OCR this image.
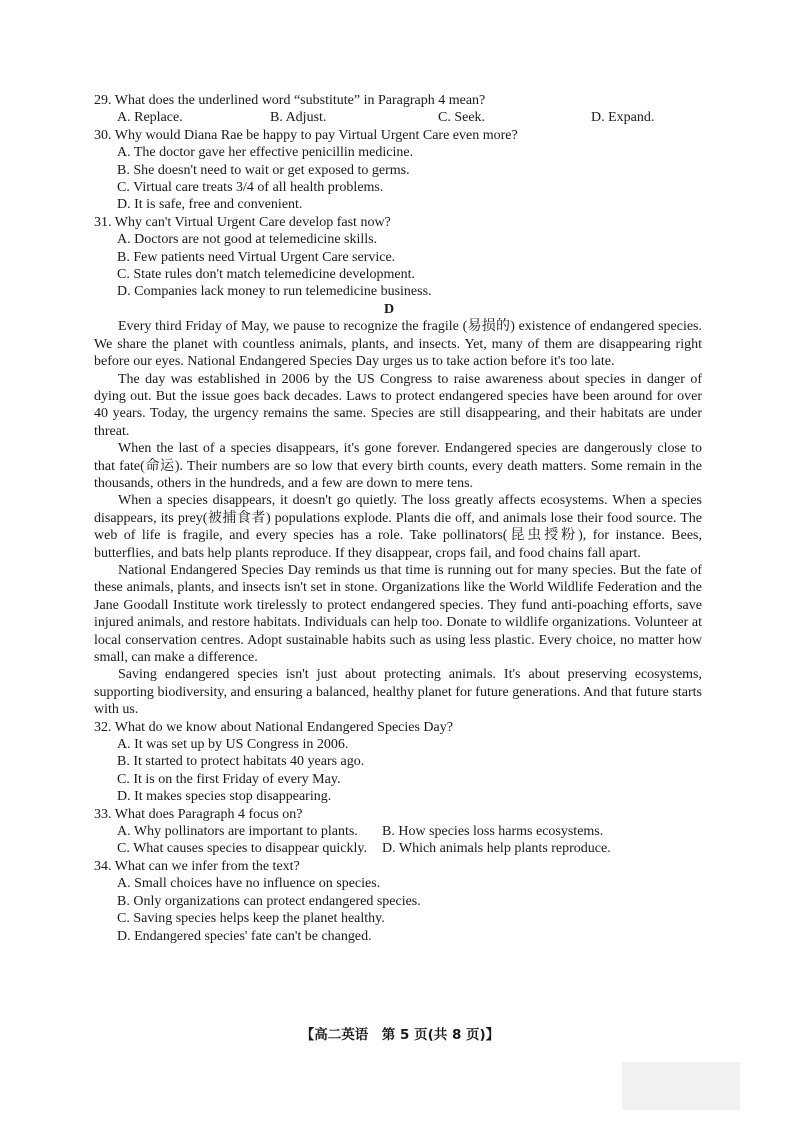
29. What does the underlined word “substitute” in Paragraph 4 mean?
A. Replace.	B. Adjust.	C. Seek.	D. Expand.
30. Why would Diana Rae be happy to pay Virtual Urgent Care even more?
A. The doctor gave her effective penicillin medicine.
B. She doesn't need to wait or get exposed to germs.
C. Virtual care treats 3/4 of all health problems.
D. It is safe, free and convenient.
31. Why can't Virtual Urgent Care develop fast now?
A. Doctors are not good at telemedicine skills.
B. Few patients need Virtual Urgent Care service.
C. State rules don't match telemedicine development.
D. Companies lack money to run telemedicine business.
D
Every third Friday of May, we pause to recognize the fragile (易损的) existence of endangered species. We share the planet with countless animals, plants, and insects. Yet, many of them are disappearing right before our eyes. National Endangered Species Day urges us to take action before it's too late.
The day was established in 2006 by the US Congress to raise awareness about species in danger of dying out. But the issue goes back decades. Laws to protect endangered species have been around for over 40 years. Today, the urgency remains the same. Species are still disappearing, and their habitats are under threat.
When the last of a species disappears, it's gone forever. Endangered species are dangerously close to that fate(命运). Their numbers are so low that every birth counts, every death matters. Some remain in the thousands, others in the hundreds, and a few are down to mere tens.
When a species disappears, it doesn't go quietly. The loss greatly affects ecosystems. When a species disappears, its prey(被捕食者) populations explode. Plants die off, and animals lose their food source. The web of life is fragile, and every species has a role. Take pollinators(昆虫授粉), for instance. Bees, butterflies, and bats help plants reproduce. If they disappear, crops fail, and food chains fall apart.
National Endangered Species Day reminds us that time is running out for many species. But the fate of these animals, plants, and insects isn't set in stone. Organizations like the World Wildlife Federation and the Jane Goodall Institute work tirelessly to protect endangered species. They fund anti-poaching efforts, save injured animals, and restore habitats. Individuals can help too. Donate to wildlife organizations. Volunteer at local conservation centres. Adopt sustainable habits such as using less plastic. Every choice, no matter how small, can make a difference.
Saving endangered species isn't just about protecting animals. It's about preserving ecosystems, supporting biodiversity, and ensuring a balanced, healthy planet for future generations. And that future starts with us.
32. What do we know about National Endangered Species Day?
A. It was set up by US Congress in 2006.
B. It started to protect habitats 40 years ago.
C. It is on the first Friday of every May.
D. It makes species stop disappearing.
33. What does Paragraph 4 focus on?
A. Why pollinators are important to plants.	B. How species loss harms ecosystems.
C. What causes species to disappear quickly.	D. Which animals help plants reproduce.
34. What can we infer from the text?
A. Small choices have no influence on species.
B. Only organizations can protect endangered species.
C. Saving species helps keep the planet healthy.
D. Endangered species' fate can't be changed.
【高二英语　第 5 页(共 8 页)】
